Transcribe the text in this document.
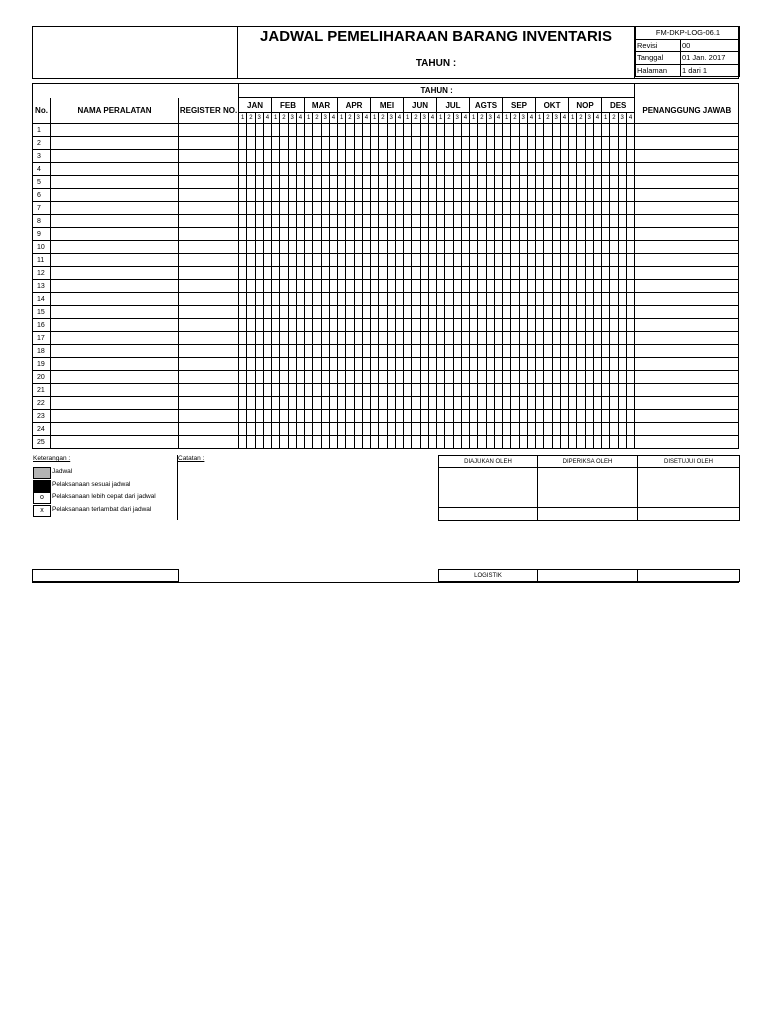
JADWAL PEMELIHARAAN BARANG INVENTARIS
TAHUN :
FM-DKP-LOG-06.1	
Revisi	00
Tanggal	01 Jan. 2017
Halaman	1 dari 1
			TAHUN :																																																
No.	NAMA PERALATAN	REGISTER NO.	JAN				FEB				MAR				APR				MEI				JUN				JUL				AGTS				SEP				OKT				NOP				DES				PENANGGUNG JAWAB
			1	2	3	4	1	2	3	4	1	2	3	4	1	2	3	4	1	2	3	4	1	2	3	4	1	2	3	4	1	2	3	4	1	2	3	4	1	2	3	4	1	2	3	4	1	2	3	4	
1																																																			
2																																																			
3																																																			
4																																																			
5																																																			
6																																																			
7																																																			
8																																																			
9																																																			
10																																																			
11																																																			
12																																																			
13																																																			
14																																																			
15																																																			
16																																																			
17																																																			
18																																																			
19																																																			
20																																																			
21																																																			
22																																																			
23																																																			
24																																																			
25																																																			
Keterangan :
Jadwal
Pelaksanaan sesuai jadwal
o	Pelaksanaan lebih cepat dari jadwal
x	Pelaksanaan terlambat dari jadwal
Catatan :	DIAJUKAN OLEH	DIPERIKSA OLEH	DISETUJUI OLEH

		LOGISTIK		
